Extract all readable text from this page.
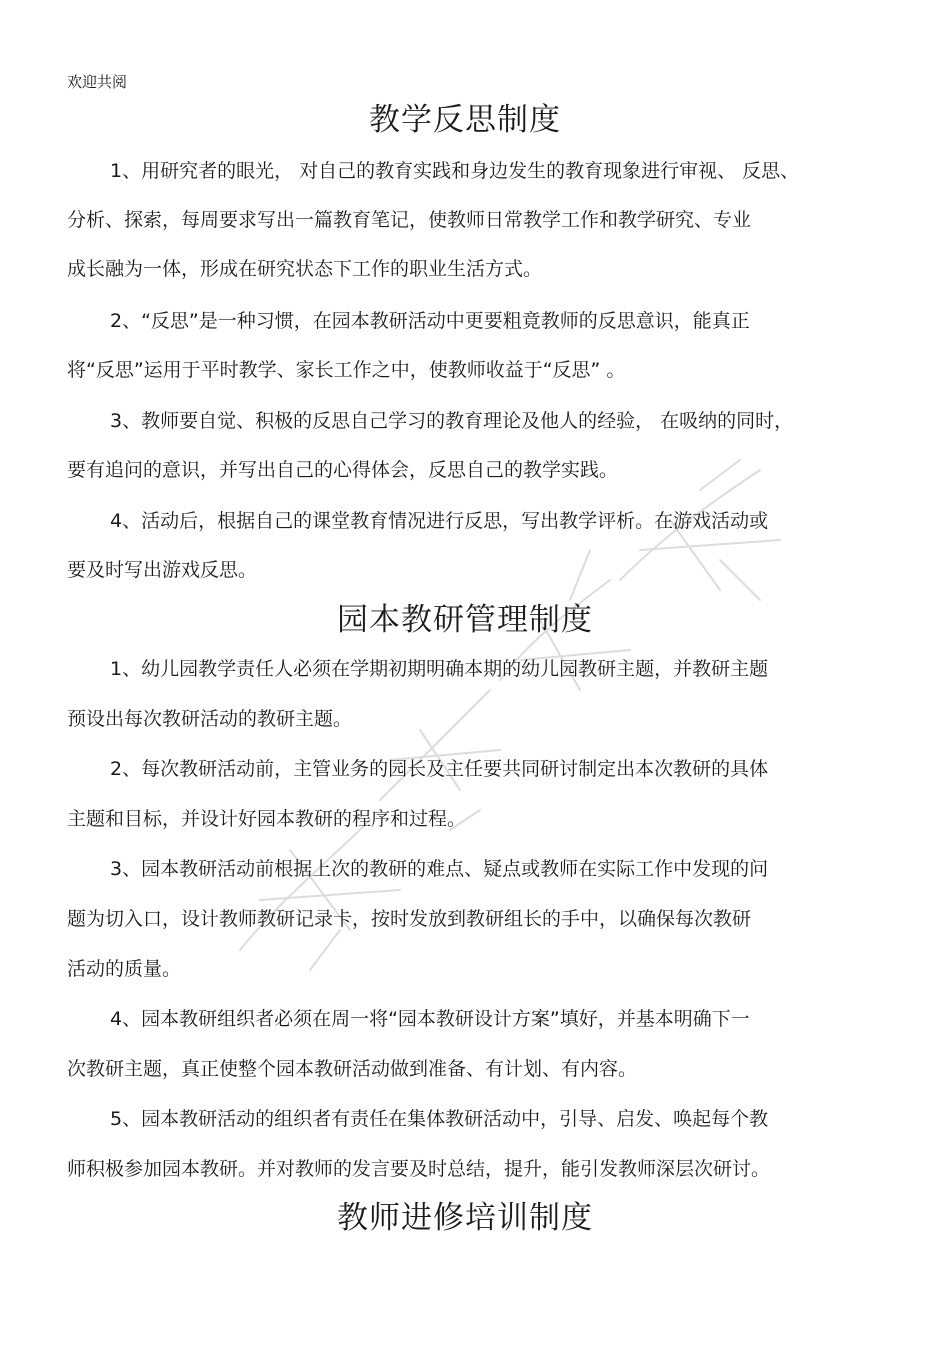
欢迎共阅
教学反思制度
1、用研究者的眼光， 对自己的教育实践和身边发生的教育现象进行审视、 反思、
分析、探索，每周要求写出一篇教育笔记，使教师日常教学工作和教学研究、专业
成长融为一体，形成在研究状态下工作的职业生活方式。
2、“反思”是一种习惯，在园本教研活动中更要粗竟教师的反思意识，能真正
将“反思”运用于平时教学、家长工作之中，使教师收益于“反思” 。
3、教师要自觉、积极的反思自己学习的教育理论及他人的经验， 在吸纳的同时，
要有追问的意识，并写出自己的心得体会，反思自己的教学实践。
4、活动后，根据自己的课堂教育情况进行反思，写出教学评析。在游戏活动或
要及时写出游戏反思。
园本教研管理制度
1、幼儿园教学责任人必须在学期初期明确本期的幼儿园教研主题，并教研主题
预设出每次教研活动的教研主题。
2、每次教研活动前，主管业务的园长及主任要共同研讨制定出本次教研的具体
主题和目标，并设计好园本教研的程序和过程。
3、园本教研活动前根据上次的教研的难点、疑点或教师在实际工作中发现的问
题为切入口，设计教师教研记录卡，按时发放到教研组长的手中，以确保每次教研
活动的质量。
4、园本教研组织者必须在周一将“园本教研设计方案”填好，并基本明确下一
次教研主题，真正使整个园本教研活动做到准备、有计划、有内容。
5、园本教研活动的组织者有责任在集体教研活动中，引导、启发、唤起每个教
师积极参加园本教研。并对教师的发言要及时总结，提升，能引发教师深层次研讨。
教师进修培训制度
